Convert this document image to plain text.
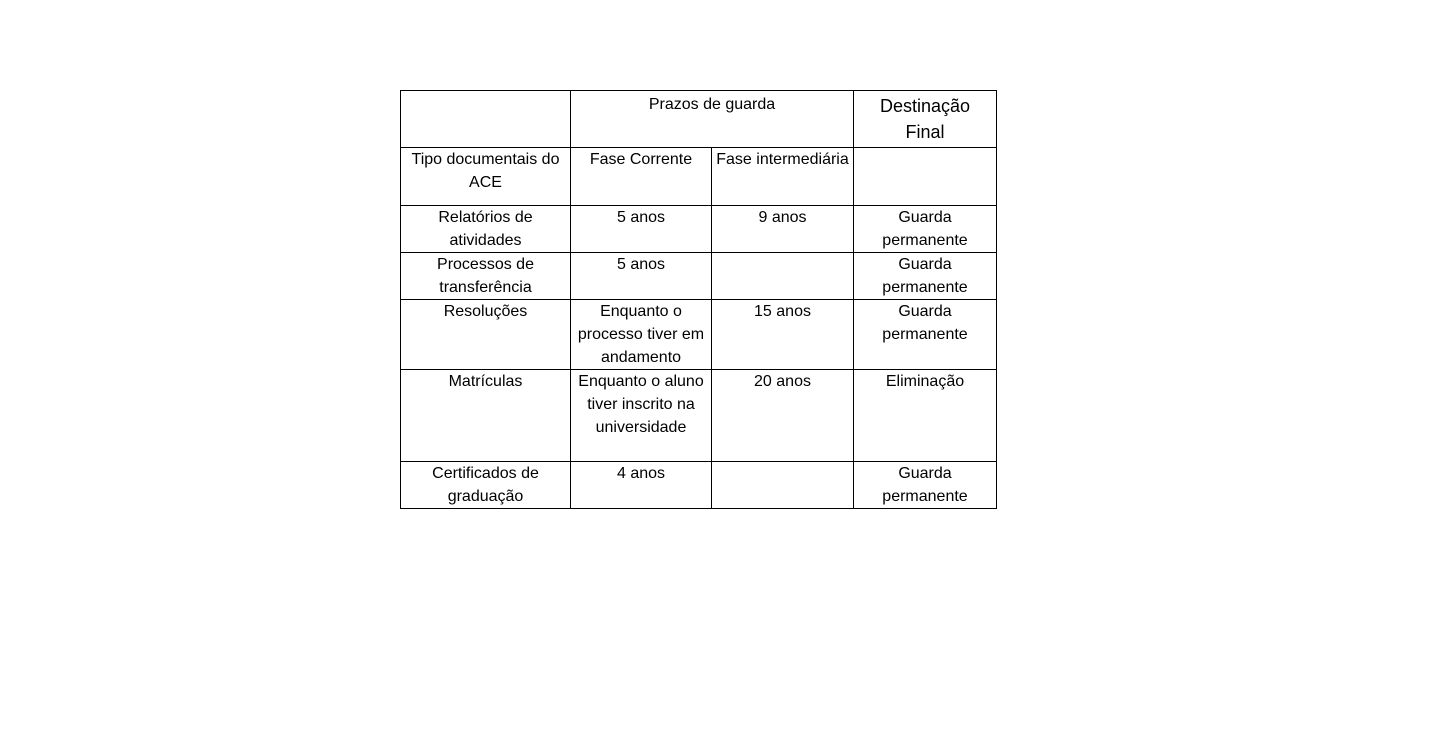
	Prazos de guarda		Destinação Final
Tipo documentais do ACE	Fase Corrente	Fase intermediária	
Relatórios de atividades	5 anos	9 anos	Guarda permanente
Processos de transferência	5 anos		Guarda permanente
Resoluções	Enquanto o processo tiver em andamento	15 anos	Guarda permanente
Matrículas	Enquanto o aluno tiver inscrito na universidade	20 anos	Eliminação
Certificados de graduação	4 anos		Guarda permanente
